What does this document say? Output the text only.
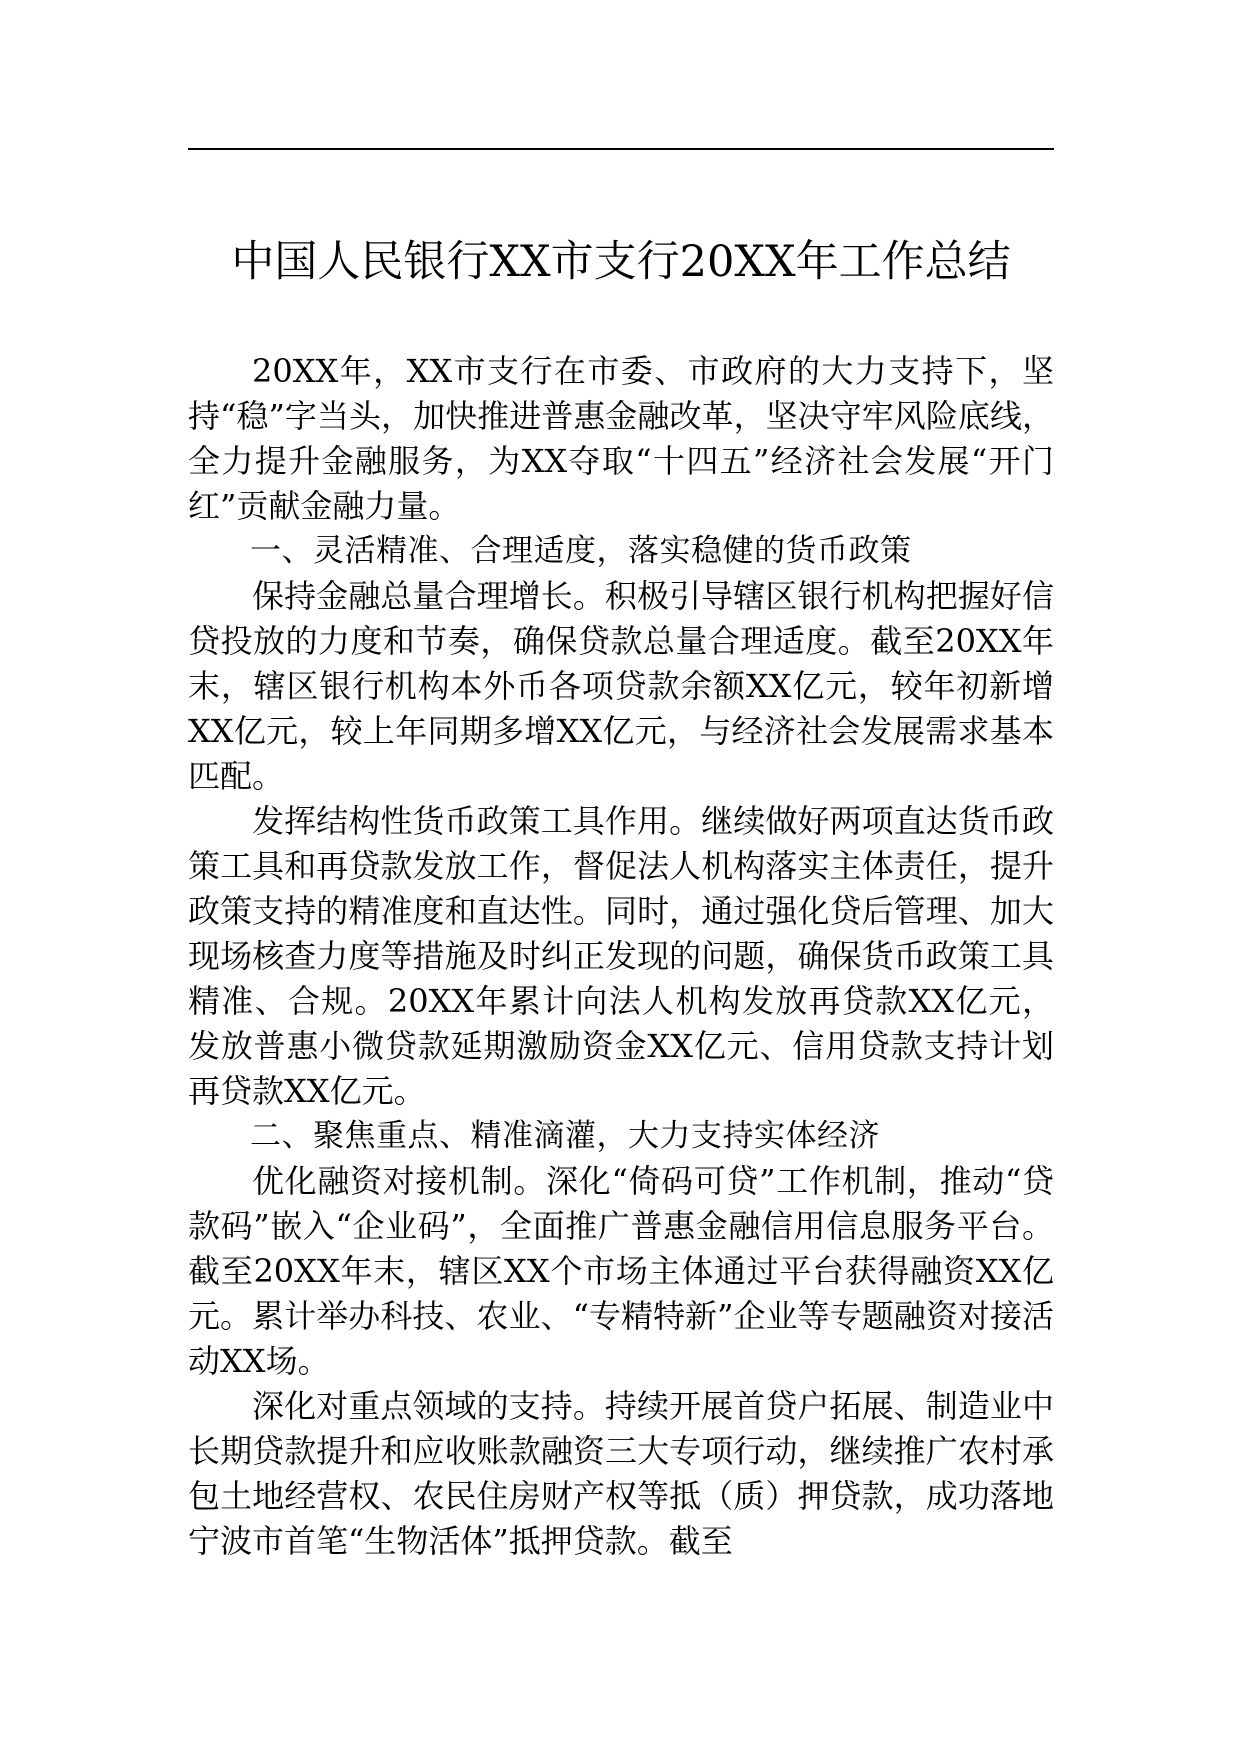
中国人民银行XX市支行20XX年工作总结

20XX年，XX市支行在市委、市政府的大力支持下，坚持“稳”字当头，加快推进普惠金融改革，坚决守牢风险底线，全力提升金融服务，为XX夺取“十四五”经济社会发展“开门红”贡献金融力量。

一、灵活精准、合理适度，落实稳健的货币政策

保持金融总量合理增长。积极引导辖区银行机构把握好信贷投放的力度和节奏，确保贷款总量合理适度。截至20XX年末，辖区银行机构本外币各项贷款余额XX亿元，较年初新增XX亿元，较上年同期多增XX亿元，与经济社会发展需求基本匹配。

发挥结构性货币政策工具作用。继续做好两项直达货币政策工具和再贷款发放工作，督促法人机构落实主体责任，提升政策支持的精准度和直达性。同时，通过强化贷后管理、加大现场核查力度等措施及时纠正发现的问题，确保货币政策工具精准、合规。20XX年累计向法人机构发放再贷款XX亿元，发放普惠小微贷款延期激励资金XX亿元、信用贷款支持计划再贷款XX亿元。

二、聚焦重点、精准滴灌，大力支持实体经济

优化融资对接机制。深化“倚码可贷”工作机制，推动“贷款码”嵌入“企业码”，全面推广普惠金融信用信息服务平台。截至20XX年末，辖区XX个市场主体通过平台获得融资XX亿元。累计举办科技、农业、“专精特新”企业等专题融资对接活动XX场。

深化对重点领域的支持。持续开展首贷户拓展、制造业中长期贷款提升和应收账款融资三大专项行动，继续推广农村承包土地经营权、农民住房财产权等抵（质）押贷款，成功落地宁波市首笔“生物活体”抵押贷款。截至
